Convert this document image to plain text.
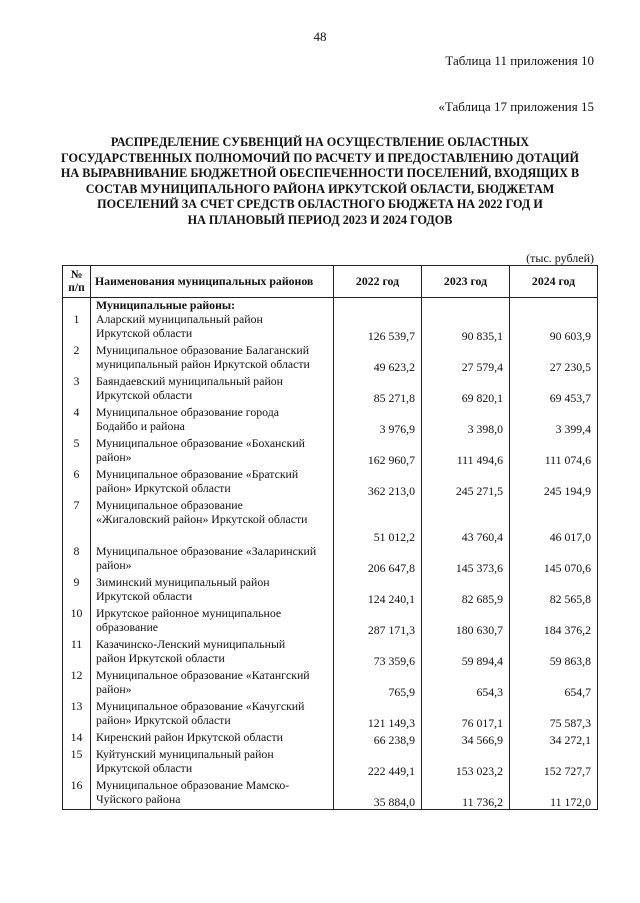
48
Таблица 11 приложения 10
«Таблица 17 приложения 15
РАСПРЕДЕЛЕНИЕ СУБВЕНЦИЙ НА ОСУЩЕСТВЛЕНИЕ ОБЛАСТНЫХ
ГОСУДАРСТВЕННЫХ ПОЛНОМОЧИЙ ПО РАСЧЕТУ И ПРЕДОСТАВЛЕНИЮ ДОТАЦИЙ
НА ВЫРАВНИВАНИЕ БЮДЖЕТНОЙ ОБЕСПЕЧЕННОСТИ ПОСЕЛЕНИЙ, ВХОДЯЩИХ В
СОСТАВ МУНИЦИПАЛЬНОГО РАЙОНА ИРКУТСКОЙ ОБЛАСТИ, БЮДЖЕТАМ
ПОСЕЛЕНИЙ ЗА СЧЕТ СРЕДСТВ ОБЛАСТНОГО БЮДЖЕТА НА 2022 ГОД И
НА ПЛАНОВЫЙ ПЕРИОД 2023 И 2024 ГОДОВ
(тыс. рублей)
№
п/п	Наименования муниципальных районов	2022 год	2023 год	2024 год
	Муниципальные районы:			
1	Аларский муниципальный район
Иркутской области	126 539,7	90 835,1	90 603,9
2	Муниципальное образование Балаганский
муниципальный район Иркутской области	49 623,2	27 579,4	27 230,5
3	Баяндаевский муниципальный район
Иркутской области	85 271,8	69 820,1	69 453,7
4	Муниципальное образование города
Бодайбо и района	3 976,9	3 398,0	3 399,4
5	Муниципальное образование «Боханский
район»	162 960,7	111 494,6	111 074,6
6	Муниципальное образование «Братский
район» Иркутской области	362 213,0	245 271,5	245 194,9
7	Муниципальное образование
«Жигаловский район» Иркутской области	51 012,2	43 760,4	46 017,0
8	Муниципальное образование «Заларинский
район»	206 647,8	145 373,6	145 070,6
9	Зиминский муниципальный район
Иркутской области	124 240,1	82 685,9	82 565,8
10	Иркутское районное муниципальное
образование	287 171,3	180 630,7	184 376,2
11	Казачинско-Ленский муниципальный
район Иркутской области	73 359,6	59 894,4	59 863,8
12	Муниципальное образование «Катангский
район»	765,9	654,3	654,7
13	Муниципальное образование «Качугский
район» Иркутской области	121 149,3	76 017,1	75 587,3
14	Киренский район Иркутской области	66 238,9	34 566,9	34 272,1
15	Куйтунский муниципальный район
Иркутской области	222 449,1	153 023,2	152 727,7
16	Муниципальное образование Мамско-
Чуйского района	35 884,0	11 736,2	11 172,0
